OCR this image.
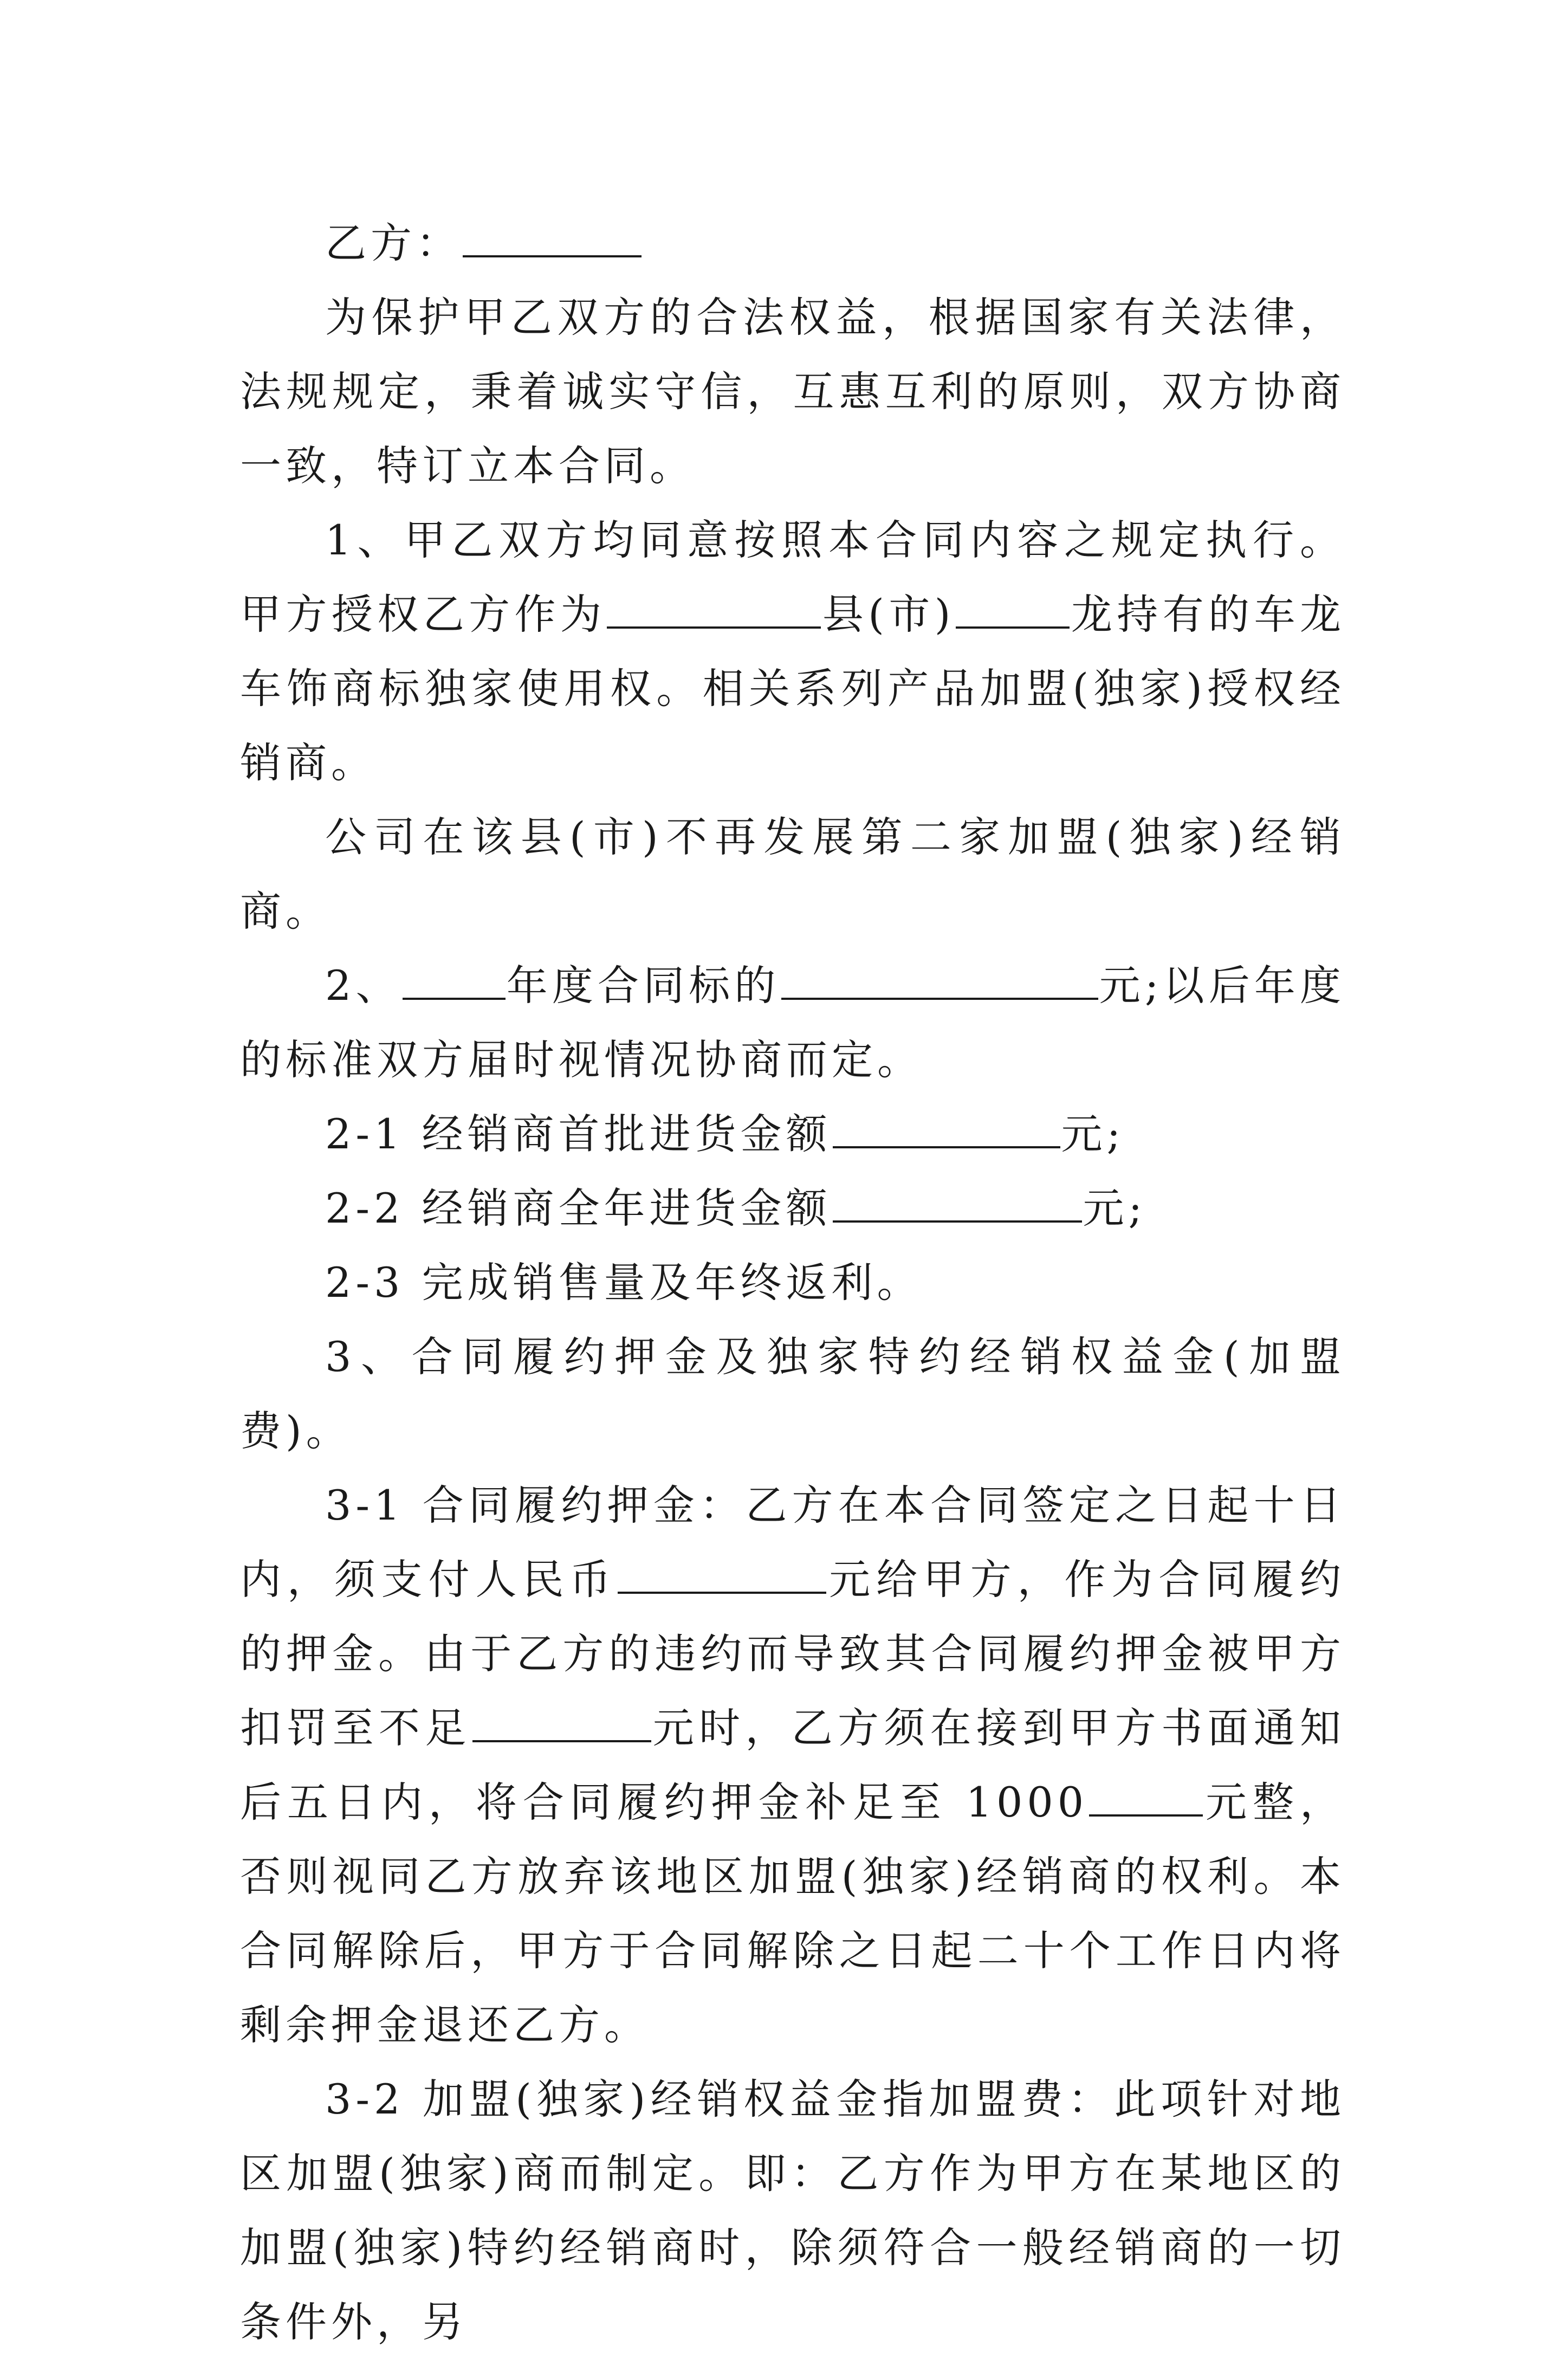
乙方：

为保护甲乙双方的合法权益，根据国家有关法律，法规规定，秉着诚实守信，互惠互利的原则，双方协商一致，特订立本合同。

1、甲乙双方均同意按照本合同内容之规定执行。甲方授权乙方作为	县(市)	龙持有的车龙车饰商标独家使用权。相关系列产品加盟(独家)授权经销商。

公司在该县(市)不再发展第二家加盟(独家)经销商。

2、	年度合同标的	元;以后年度的标准双方届时视情况协商而定。

2-1 经销商首批进货金额	元;

2-2 经销商全年进货金额	元;

2-3 完成销售量及年终返利。

3、合同履约押金及独家特约经销权益金(加盟费)。

3-1 合同履约押金：乙方在本合同签定之日起十日内，须支付人民币	元给甲方，作为合同履约的押金。由于乙方的违约而导致其合同履约押金被甲方扣罚至不足	元时，乙方须在接到甲方书面通知后五日内，将合同履约押金补足至 1000	元整，否则视同乙方放弃该地区加盟(独家)经销商的权利。本合同解除后，甲方于合同解除之日起二十个工作日内将剩余押金退还乙方。

3-2 加盟(独家)经销权益金指加盟费：此项针对地区加盟(独家)商而制定。即：乙方作为甲方在某地区的加盟(独家)特约经销商时，除须符合一般经销商的一切条件外，另
